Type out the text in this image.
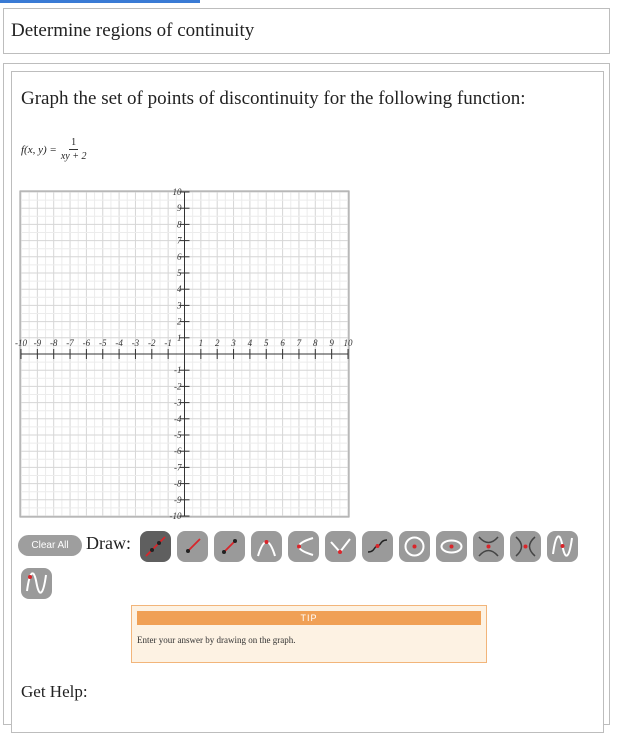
Determine regions of continuity
Graph the set of points of discontinuity for the following function:
f(x, $y) = \frac{1}{xy + 2}$
-10 -9 -8 -7 -6 -5 -4 -3 -2 -1	1 2 3 4 5 6 7 8 9 10
10
9
8
7
6
5
4
3
2
1
-1
-2
-3
-4
-5
-6
-7
-8
-9
-10
Clear All Draw:
TIP
Enter your answer by drawing on the graph.
Get Help:
